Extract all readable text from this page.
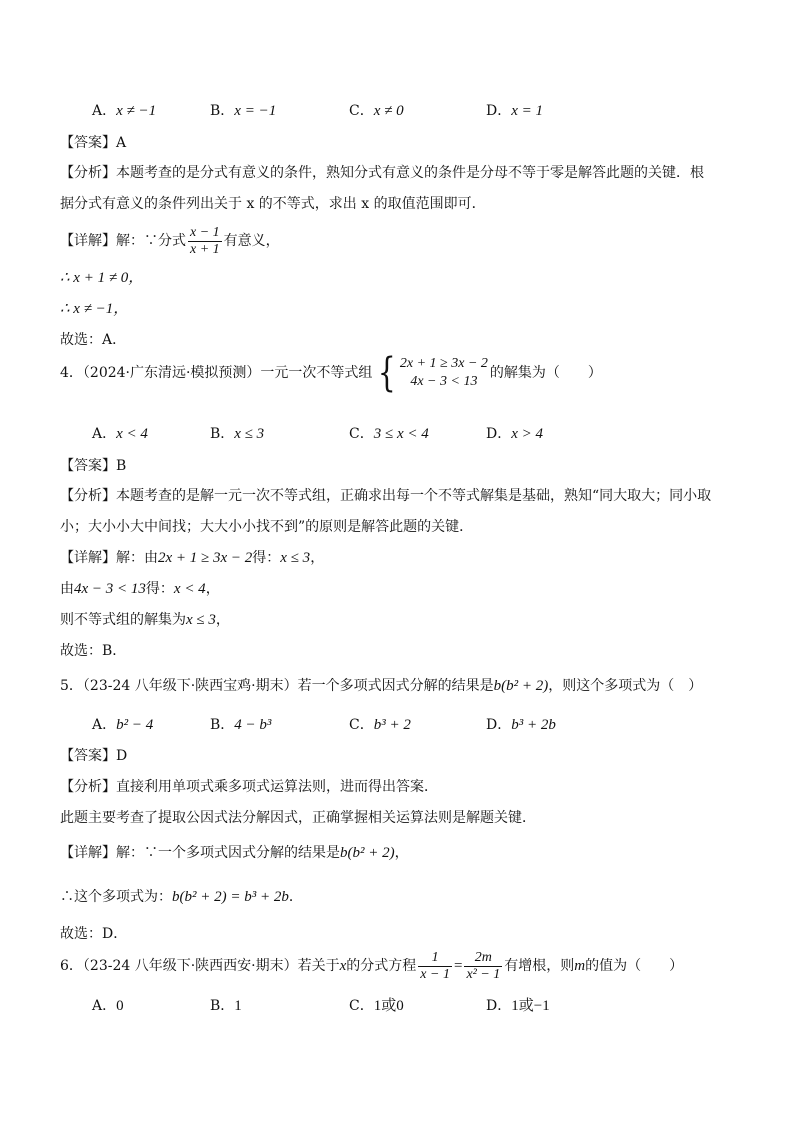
A．x ≠ −1	B．x = −1	C．x ≠ 0	D．x = 1
【答案】A
【分析】本题考查的是分式有意义的条件，熟知分式有意义的条件是分母不等于零是解答此题的关键．根
据分式有意义的条件列出关于 x 的不等式，求出 x 的取值范围即可．
【详解】解：∵分式 $\frac{x - 1}{x + 1}$ 有意义，
∴ x + 1 ≠ 0，
∴ x ≠ −1，
故选：A．
4．（2024·广东清远·模拟预测）一元一次不等式组 { 2x + 1 ≥ 3x − 2
4x − 3 < 13
的解集为（　　）
A．x < 4	B．x ≤ 3	C．3 ≤ x < 4	D．x > 4
【答案】B
【分析】本题考查的是解一元一次不等式组，正确求出每一个不等式解集是基础，熟知“同大取大；同小取
小；大小小大中间找；大大小小找不到”的原则是解答此题的关键．
【详解】解：由2x + 1 ≥ 3x − 2得：x ≤ 3，
由4x − 3 < 13得：x < 4，
则不等式组的解集为x ≤ 3，
故选：B．
5．（23-24 八年级下·陕西宝鸡·期末）若一个多项式因式分解的结果是b(b² + 2)，则这个多项式为（　）
A．b² − 4	B．4 − b³	C．b³ + 2	D．b³ + 2b
【答案】D
【分析】直接利用单项式乘多项式运算法则，进而得出答案．
此题主要考查了提取公因式法分解因式，正确掌握相关运算法则是解题关键．
【详解】解：∵一个多项式因式分解的结果是b(b² + 2)，
∴这个多项式为：b(b² + 2) = b³ + 2b．
故选：D．
6．（23-24 八年级下·陕西西安·期末）若关于x的分式方程 $\frac{1}{x - 1} = \frac{2m}{\text{x² − 1}}$ 有增根，则m的值为（　　）
A．0	B．1	C．1或0	D．1或−1
